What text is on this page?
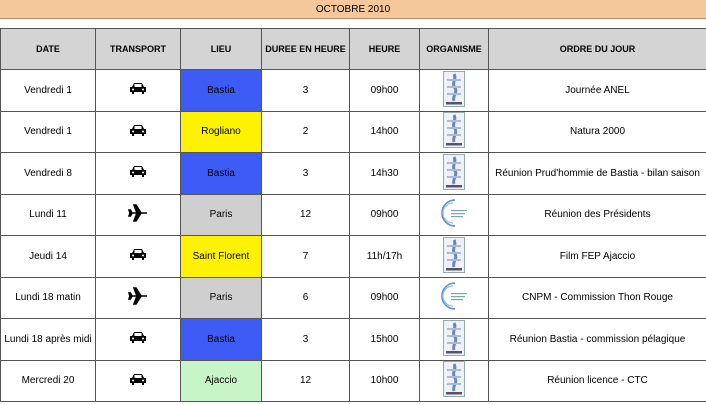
OCTOBRE 2010
DATE	TRANSPORT	LIEU	DUREE EN HEURE	HEURE	ORGANISME	ORDRE DU JOUR
Vendredi 1		Bastia	3	09h00		Journée ANEL
Vendredi 1		Rogliano	2	14h00		Natura 2000
Vendredi 8		Bastia	3	14h30		Réunion Prud'hommie de Bastia - bilan saison
Lundi 11		Paris	12	09h00		Réunion des Présidents
Jeudi 14		Saint Florent	7	11h/17h		Film FEP Ajaccio
Lundi 18 matin		Paris	6	09h00		CNPM - Commission Thon Rouge
Lundi 18 après midi		Bastia	3	15h00		Réunion Bastia - commission pélagique
Mercredi 20		Ajaccio	12	10h00		Réunion licence - CTC
